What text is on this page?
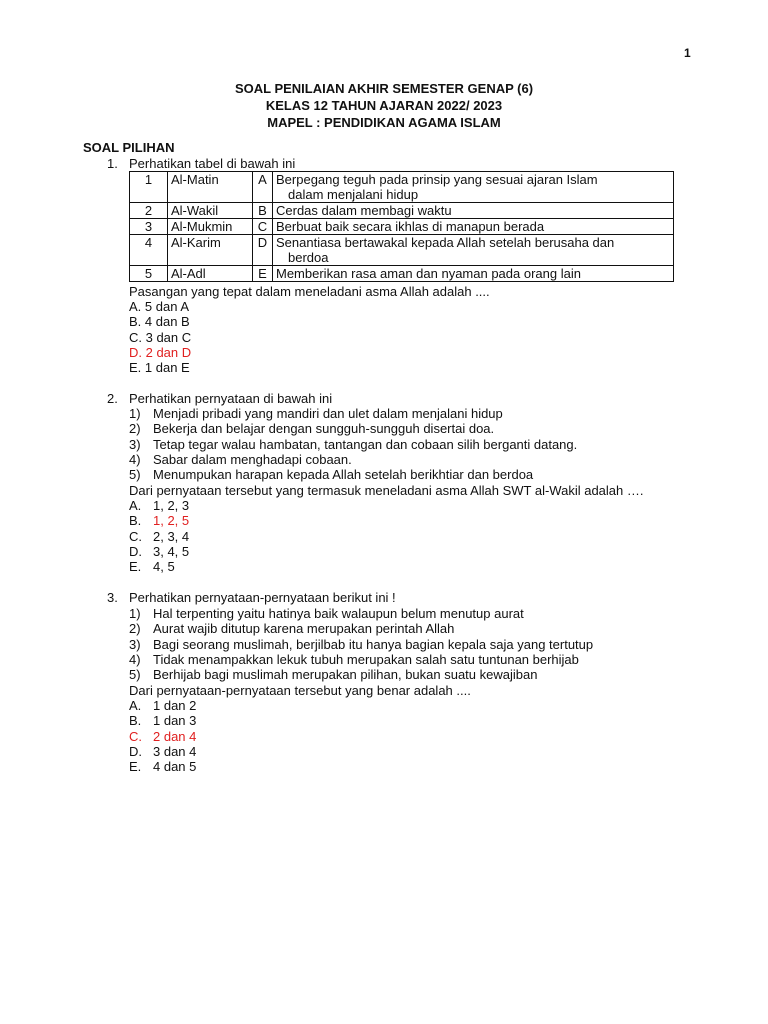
1
SOAL PENILAIAN AKHIR SEMESTER GENAP (6)
KELAS 12 TAHUN AJARAN 2022/ 2023
MAPEL : PENDIDIKAN AGAMA ISLAM
SOAL PILIHAN
1. Perhatikan tabel di bawah ini
1	Al-Matin	A	Berpegang teguh pada prinsip yang sesuai ajaran Islam
dalam menjalani hidup

2	Al-Wakil	B	Cerdas dalam membagi waktu
3	Al-Mukmin	C	Berbuat baik secara ikhlas di manapun berada
4	Al-Karim	D	Senantiasa bertawakal kepada Allah setelah berusaha dan
berdoa

5	Al-Adl	E	Memberikan rasa aman dan nyaman pada orang lain
Pasangan yang tepat dalam meneladani asma Allah adalah ....
A. 5 dan A
B. 4 dan B
C. 3 dan C
D. 2 dan D
E. 1 dan E
2. Perhatikan pernyataan di bawah ini
1) Menjadi pribadi yang mandiri dan ulet dalam menjalani hidup
2) Bekerja dan belajar dengan sungguh-sungguh disertai doa.
3) Tetap tegar walau hambatan, tantangan dan cobaan silih berganti datang.
4) Sabar dalam menghadapi cobaan.
5) Menumpukan harapan kepada Allah setelah berikhtiar dan berdoa
Dari pernyataan tersebut yang termasuk meneladani asma Allah SWT al-Wakil adalah ….
A. 1, 2, 3
B. 1, 2, 5
C. 2, 3, 4
D. 3, 4, 5
E. 4, 5
3. Perhatikan pernyataan-pernyataan berikut ini !
1) Hal terpenting yaitu hatinya baik walaupun belum menutup aurat
2) Aurat wajib ditutup karena merupakan perintah Allah
3) Bagi seorang muslimah, berjilbab itu hanya bagian kepala saja yang tertutup
4) Tidak menampakkan lekuk tubuh merupakan salah satu tuntunan berhijab
5) Berhijab bagi muslimah merupakan pilihan, bukan suatu kewajiban
Dari pernyataan-pernyataan tersebut yang benar adalah ....
A. 1 dan 2
B. 1 dan 3
C. 2 dan 4
D. 3 dan 4
E. 4 dan 5
